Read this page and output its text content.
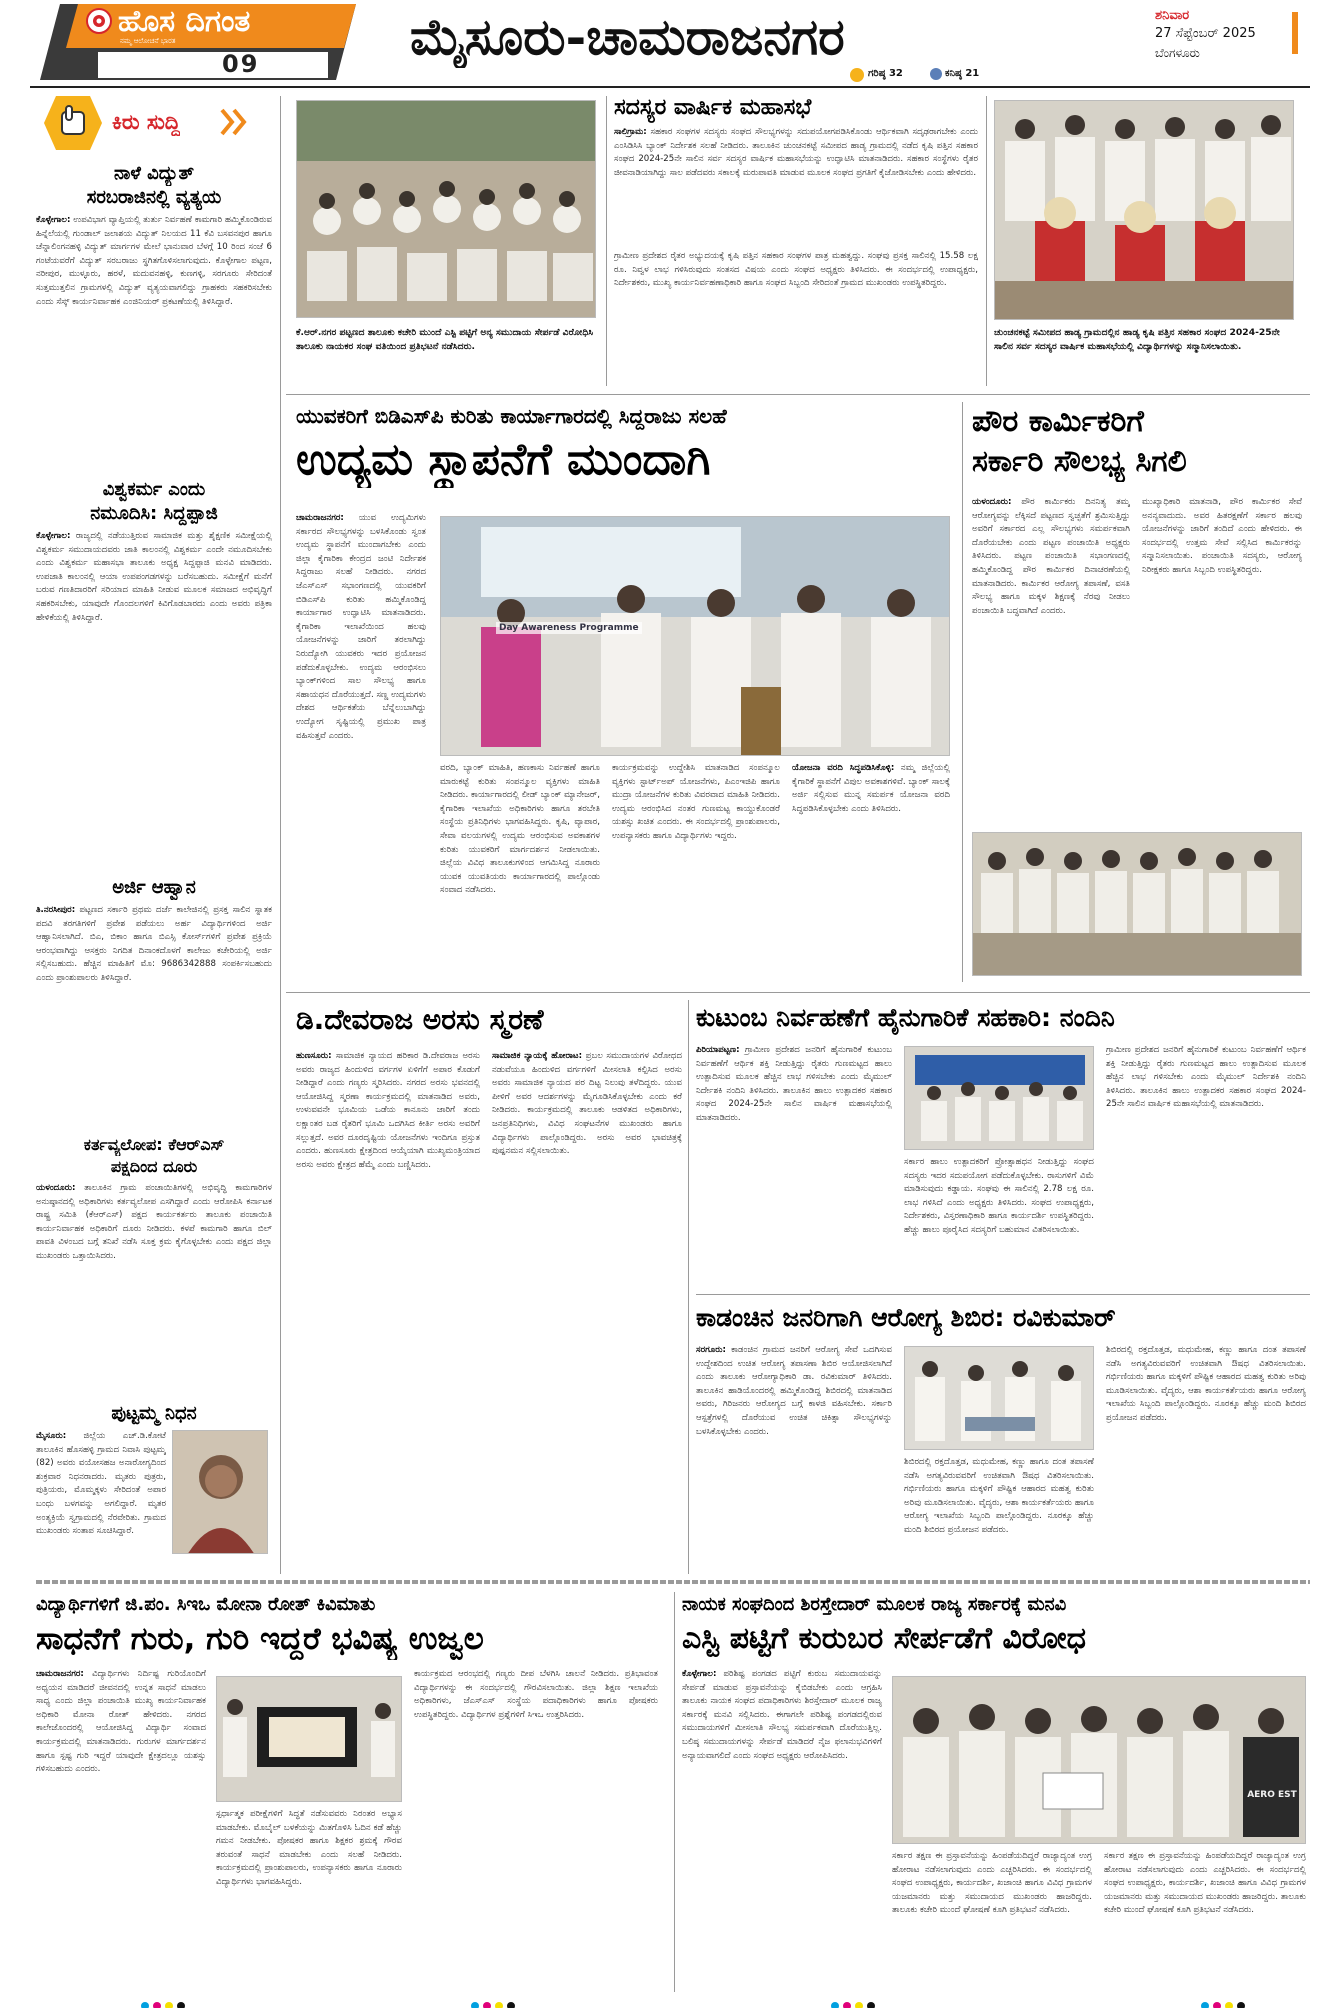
ಹೊಸ ದಿಗಂತ
ನಮ್ಮ ಆಲೋಚನೆ ಭಾರತ
09	ಮೈಸೂರು-ಚಾಮರಾಜನಗರ	ಶನಿವಾರ
27 ಸೆಪ್ಟೆಂಬರ್ 2025
ಬೆಂಗಳೂರು
ಗರಿಷ್ಠ 32	ಕನಿಷ್ಠ 21
ಕಿರು ಸುದ್ದಿ
ನಾಳೆ ವಿದ್ಯುತ್
ಸರಬರಾಜಿನಲ್ಲಿ ವ್ಯತ್ಯಯ
ಕೊಳ್ಳೇಗಾಲ: ಉಪವಿಭಾಗ ವ್ಯಾಪ್ತಿಯಲ್ಲಿ ತುರ್ತು ನಿರ್ವಹಣೆ ಕಾಮಗಾರಿ ಹಮ್ಮಿಕೊಂಡಿರುವ ಹಿನ್ನೆಲೆಯಲ್ಲಿ ಗುಂಡಾಲ್ ಜಲಾಶಯ ವಿದ್ಯುತ್ ನಿಲಯದ 11 ಕೆವಿ ಬಸವನಪುರ ಹಾಗೂ ಚೆನ್ನಾಲಿಂಗನಹಳ್ಳಿ ವಿದ್ಯುತ್ ಮಾರ್ಗಗಳ ಮೇಲೆ ಭಾನುವಾರ ಬೆಳಗ್ಗೆ 10 ರಿಂದ ಸಂಜೆ 6 ಗಂಟೆಯವರೆಗೆ ವಿದ್ಯುತ್ ಸರಬರಾಜು ಸ್ಥಗಿತಗೊಳಿಸಲಾಗುವುದು. ಕೊಳ್ಳೇಗಾಲ ಪಟ್ಟಣ, ನರೀಪುರ, ಮುಳ್ಳೂರು, ಹರಳೆ, ಮದುವನಹಳ್ಳಿ, ಕುಣಗಳ್ಳಿ, ಸರಗೂರು ಸೇರಿದಂತೆ ಸುತ್ತಮುತ್ತಲಿನ ಗ್ರಾಮಗಳಲ್ಲಿ ವಿದ್ಯುತ್ ವ್ಯತ್ಯಯವಾಗಲಿದ್ದು ಗ್ರಾಹಕರು ಸಹಕರಿಸಬೇಕು ಎಂದು ಸೆಸ್ಕ್ ಕಾರ್ಯನಿರ್ವಾಹಕ ಎಂಜಿನಿಯರ್ ಪ್ರಕಟಣೆಯಲ್ಲಿ ತಿಳಿಸಿದ್ದಾರೆ.
ವಿಶ್ವಕರ್ಮ ಎಂದು
ನಮೂದಿಸಿ: ಸಿದ್ದಪ್ಪಾಜಿ
ಕೊಳ್ಳೇಗಾಲ: ರಾಜ್ಯದಲ್ಲಿ ನಡೆಯುತ್ತಿರುವ ಸಾಮಾಜಿಕ ಮತ್ತು ಶೈಕ್ಷಣಿಕ ಸಮೀಕ್ಷೆಯಲ್ಲಿ ವಿಶ್ವಕರ್ಮ ಸಮುದಾಯದವರು ಜಾತಿ ಕಾಲಂನಲ್ಲಿ ವಿಶ್ವಕರ್ಮ ಎಂದೇ ನಮೂದಿಸಬೇಕು ಎಂದು ವಿಶ್ವಕರ್ಮ ಮಹಾಸಭಾ ತಾಲೂಕು ಅಧ್ಯಕ್ಷ ಸಿದ್ದಪ್ಪಾಜಿ ಮನವಿ ಮಾಡಿದರು. ಉಪಜಾತಿ ಕಾಲಂನಲ್ಲಿ ಆಯಾ ಉಪಪಂಗಡಗಳನ್ನು ಬರೆಸಬಹುದು. ಸಮೀಕ್ಷೆಗೆ ಮನೆಗೆ ಬರುವ ಗಣತಿದಾರರಿಗೆ ಸರಿಯಾದ ಮಾಹಿತಿ ನೀಡುವ ಮೂಲಕ ಸಮಾಜದ ಅಭಿವೃದ್ಧಿಗೆ ಸಹಕರಿಸಬೇಕು, ಯಾವುದೇ ಗೊಂದಲಗಳಿಗೆ ಕಿವಿಗೊಡಬಾರದು ಎಂದು ಅವರು ಪತ್ರಿಕಾ ಹೇಳಿಕೆಯಲ್ಲಿ ತಿಳಿಸಿದ್ದಾರೆ.
ಅರ್ಜಿ ಆಹ್ವಾನ
ತಿ.ನರಸೀಪುರ: ಪಟ್ಟಣದ ಸರ್ಕಾರಿ ಪ್ರಥಮ ದರ್ಜೆ ಕಾಲೇಜಿನಲ್ಲಿ ಪ್ರಸಕ್ತ ಸಾಲಿನ ಸ್ನಾತಕ ಪದವಿ ತರಗತಿಗಳಿಗೆ ಪ್ರವೇಶ ಪಡೆಯಲು ಅರ್ಹ ವಿದ್ಯಾರ್ಥಿಗಳಿಂದ ಅರ್ಜಿ ಆಹ್ವಾನಿಸಲಾಗಿದೆ. ಬಿಎ, ಬಿಕಾಂ ಹಾಗೂ ಬಿಎಸ್ಸಿ ಕೋರ್ಸ್‌ಗಳಿಗೆ ಪ್ರವೇಶ ಪ್ರಕ್ರಿಯೆ ಆರಂಭವಾಗಿದ್ದು ಆಸಕ್ತರು ನಿಗದಿತ ದಿನಾಂಕದೊಳಗೆ ಕಾಲೇಜು ಕಚೇರಿಯಲ್ಲಿ ಅರ್ಜಿ ಸಲ್ಲಿಸಬಹುದು. ಹೆಚ್ಚಿನ ಮಾಹಿತಿಗೆ ಮೊ: 9686342888 ಸಂಪರ್ಕಿಸಬಹುದು ಎಂದು ಪ್ರಾಂಶುಪಾಲರು ತಿಳಿಸಿದ್ದಾರೆ.
ಕರ್ತವ್ಯಲೋಪ: ಕೆಆರ್‌ಎಸ್
ಪಕ್ಷದಿಂದ ದೂರು
ಯಳಂದೂರು: ತಾಲೂಕಿನ ಗ್ರಾಮ ಪಂಚಾಯಿತಿಗಳಲ್ಲಿ ಅಭಿವೃದ್ಧಿ ಕಾಮಗಾರಿಗಳ ಅನುಷ್ಠಾನದಲ್ಲಿ ಅಧಿಕಾರಿಗಳು ಕರ್ತವ್ಯಲೋಪ ಎಸಗಿದ್ದಾರೆ ಎಂದು ಆರೋಪಿಸಿ ಕರ್ನಾಟಕ ರಾಷ್ಟ್ರ ಸಮಿತಿ (ಕೆಆರ್‌ಎಸ್) ಪಕ್ಷದ ಕಾರ್ಯಕರ್ತರು ತಾಲೂಕು ಪಂಚಾಯಿತಿ ಕಾರ್ಯನಿರ್ವಾಹಕ ಅಧಿಕಾರಿಗೆ ದೂರು ನೀಡಿದರು. ಕಳಪೆ ಕಾಮಗಾರಿ ಹಾಗೂ ಬಿಲ್ ಪಾವತಿ ವಿಳಂಬದ ಬಗ್ಗೆ ತನಿಖೆ ನಡೆಸಿ ಸೂಕ್ತ ಕ್ರಮ ಕೈಗೊಳ್ಳಬೇಕು ಎಂದು ಪಕ್ಷದ ಜಿಲ್ಲಾ ಮುಖಂಡರು ಒತ್ತಾಯಿಸಿದರು.
ಪುಟ್ಟಮ್ಮ ನಿಧನ
ಮೈಸೂರು: ಜಿಲ್ಲೆಯ ಎಚ್.ಡಿ.ಕೋಟೆ ತಾಲೂಕಿನ ಹೊಸಹಳ್ಳಿ ಗ್ರಾಮದ ನಿವಾಸಿ ಪುಟ್ಟಮ್ಮ (82) ಅವರು ವಯೋಸಹಜ ಅನಾರೋಗ್ಯದಿಂದ ಶುಕ್ರವಾರ ನಿಧನರಾದರು. ಮೃತರು ಪುತ್ರರು, ಪುತ್ರಿಯರು, ಮೊಮ್ಮಕ್ಕಳು ಸೇರಿದಂತೆ ಅಪಾರ ಬಂಧು ಬಳಗವನ್ನು ಅಗಲಿದ್ದಾರೆ. ಮೃತರ ಅಂತ್ಯಕ್ರಿಯೆ ಸ್ವಗ್ರಾಮದಲ್ಲಿ ನೆರವೇರಿತು. ಗ್ರಾಮದ ಮುಖಂಡರು ಸಂತಾಪ ಸೂಚಿಸಿದ್ದಾರೆ.
ಕೆ.ಆರ್.ನಗರ ಪಟ್ಟಣದ ತಾಲೂಕು ಕಚೇರಿ ಮುಂದೆ ಎಸ್ಟಿ ಪಟ್ಟಿಗೆ ಅನ್ಯ ಸಮುದಾಯ ಸೇರ್ಪಡೆ ವಿರೋಧಿಸಿ ತಾಲೂಕು ನಾಯಕರ ಸಂಘ ವತಿಯಿಂದ ಪ್ರತಿಭಟನೆ ನಡೆಸಿದರು.
ಸದಸ್ಯರ ವಾರ್ಷಿಕ ಮಹಾಸಭೆ
ಸಾಲಿಗ್ರಾಮ: ಸಹಕಾರ ಸಂಘಗಳ ಸದಸ್ಯರು ಸಂಘದ ಸೌಲಭ್ಯಗಳನ್ನು ಸದುಪಯೋಗಪಡಿಸಿಕೊಂಡು ಆರ್ಥಿಕವಾಗಿ ಸದೃಢರಾಗಬೇಕು ಎಂದು ಎಂಸಿಡಿಸಿಸಿ ಬ್ಯಾಂಕ್ ನಿರ್ದೇಶಕ ಸಲಹೆ ನೀಡಿದರು. ತಾಲೂಕಿನ ಚುಂಚನಕಟ್ಟೆ ಸಮೀಪದ ಹಾಡ್ಯ ಗ್ರಾಮದಲ್ಲಿ ನಡೆದ ಕೃಷಿ ಪತ್ತಿನ ಸಹಕಾರ ಸಂಘದ 2024-25ನೇ ಸಾಲಿನ ಸರ್ವ ಸದಸ್ಯರ ವಾರ್ಷಿಕ ಮಹಾಸಭೆಯನ್ನು ಉದ್ಘಾಟಿಸಿ ಮಾತನಾಡಿದರು. ಸಹಕಾರ ಸಂಸ್ಥೆಗಳು ರೈತರ ಜೀವನಾಡಿಯಾಗಿದ್ದು ಸಾಲ ಪಡೆದವರು ಸಕಾಲಕ್ಕೆ ಮರುಪಾವತಿ ಮಾಡುವ ಮೂಲಕ ಸಂಘದ ಪ್ರಗತಿಗೆ ಕೈಜೋಡಿಸಬೇಕು ಎಂದು ಹೇಳಿದರು.
ಗ್ರಾಮೀಣ ಪ್ರದೇಶದ ರೈತರ ಅಭ್ಯುದಯಕ್ಕೆ ಕೃಷಿ ಪತ್ತಿನ ಸಹಕಾರ ಸಂಘಗಳ ಪಾತ್ರ ಮಹತ್ವದ್ದು. ಸಂಘವು ಪ್ರಸಕ್ತ ಸಾಲಿನಲ್ಲಿ 15.58 ಲಕ್ಷ ರೂ. ನಿವ್ವಳ ಲಾಭ ಗಳಿಸಿರುವುದು ಸಂತಸದ ವಿಷಯ ಎಂದು ಸಂಘದ ಅಧ್ಯಕ್ಷರು ತಿಳಿಸಿದರು. ಈ ಸಂದರ್ಭದಲ್ಲಿ ಉಪಾಧ್ಯಕ್ಷರು, ನಿರ್ದೇಶಕರು, ಮುಖ್ಯ ಕಾರ್ಯನಿರ್ವಹಣಾಧಿಕಾರಿ ಹಾಗೂ ಸಂಘದ ಸಿಬ್ಬಂದಿ ಸೇರಿದಂತೆ ಗ್ರಾಮದ ಮುಖಂಡರು ಉಪಸ್ಥಿತರಿದ್ದರು.
ಚುಂಚನಕಟ್ಟೆ ಸಮೀಪದ ಹಾಡ್ಯ ಗ್ರಾಮದಲ್ಲಿನ ಹಾಡ್ಯ ಕೃಷಿ ಪತ್ತಿನ ಸಹಕಾರ ಸಂಘದ 2024-25ನೇ ಸಾಲಿನ ಸರ್ವ ಸದಸ್ಯರ ವಾರ್ಷಿಕ ಮಹಾಸಭೆಯಲ್ಲಿ ವಿದ್ಯಾರ್ಥಿಗಳನ್ನು ಸನ್ಮಾನಿಸಲಾಯಿತು.
ಯುವಕರಿಗೆ ಬಿಡಿಎಸ್‌ಪಿ ಕುರಿತು ಕಾರ್ಯಾಗಾರದಲ್ಲಿ ಸಿದ್ದರಾಜು ಸಲಹೆ
ಉದ್ಯಮ ಸ್ಥಾಪನೆಗೆ ಮುಂದಾಗಿ
ಚಾಮರಾಜನಗರ: ಯುವ ಉದ್ಯಮಿಗಳು ಸರ್ಕಾರದ ಸೌಲಭ್ಯಗಳನ್ನು ಬಳಸಿಕೊಂಡು ಸ್ವಂತ ಉದ್ಯಮ ಸ್ಥಾಪನೆಗೆ ಮುಂದಾಗಬೇಕು ಎಂದು ಜಿಲ್ಲಾ ಕೈಗಾರಿಕಾ ಕೇಂದ್ರದ ಜಂಟಿ ನಿರ್ದೇಶಕ ಸಿದ್ದರಾಜು ಸಲಹೆ ನೀಡಿದರು. ನಗರದ ಜೆಎಸ್ಎಸ್ ಸಭಾಂಗಣದಲ್ಲಿ ಯುವಕರಿಗೆ ಬಿಡಿಎಸ್‌ಪಿ ಕುರಿತು ಹಮ್ಮಿಕೊಂಡಿದ್ದ ಕಾರ್ಯಾಗಾರ ಉದ್ಘಾಟಿಸಿ ಮಾತನಾಡಿದರು. ಕೈಗಾರಿಕಾ ಇಲಾಖೆಯಿಂದ ಹಲವು ಯೋಜನೆಗಳನ್ನು ಜಾರಿಗೆ ತರಲಾಗಿದ್ದು ನಿರುದ್ಯೋಗಿ ಯುವಕರು ಇದರ ಪ್ರಯೋಜನ ಪಡೆದುಕೊಳ್ಳಬೇಕು. ಉದ್ಯಮ ಆರಂಭಿಸಲು ಬ್ಯಾಂಕ್‌ಗಳಿಂದ ಸಾಲ ಸೌಲಭ್ಯ ಹಾಗೂ ಸಹಾಯಧನ ದೊರೆಯುತ್ತದೆ. ಸಣ್ಣ ಉದ್ಯಮಗಳು ದೇಶದ ಆರ್ಥಿಕತೆಯ ಬೆನ್ನೆಲುಬಾಗಿದ್ದು ಉದ್ಯೋಗ ಸೃಷ್ಟಿಯಲ್ಲಿ ಪ್ರಮುಖ ಪಾತ್ರ ವಹಿಸುತ್ತವೆ ಎಂದರು.
Day Awareness Programme
ವರದಿ, ಬ್ಯಾಂಕ್ ಮಾಹಿತಿ, ಹಣಕಾಸು ನಿರ್ವಹಣೆ ಹಾಗೂ ಮಾರುಕಟ್ಟೆ ಕುರಿತು ಸಂಪನ್ಮೂಲ ವ್ಯಕ್ತಿಗಳು ಮಾಹಿತಿ ನೀಡಿದರು. ಕಾರ್ಯಾಗಾರದಲ್ಲಿ ಲೀಡ್ ಬ್ಯಾಂಕ್ ಮ್ಯಾನೇಜರ್, ಕೈಗಾರಿಕಾ ಇಲಾಖೆಯ ಅಧಿಕಾರಿಗಳು ಹಾಗೂ ತರಬೇತಿ ಸಂಸ್ಥೆಯ ಪ್ರತಿನಿಧಿಗಳು ಭಾಗವಹಿಸಿದ್ದರು. ಕೃಷಿ, ವ್ಯಾಪಾರ, ಸೇವಾ ವಲಯಗಳಲ್ಲಿ ಉದ್ಯಮ ಆರಂಭಿಸುವ ಅವಕಾಶಗಳ ಕುರಿತು ಯುವಕರಿಗೆ ಮಾರ್ಗದರ್ಶನ ನೀಡಲಾಯಿತು. ಜಿಲ್ಲೆಯ ವಿವಿಧ ತಾಲೂಕುಗಳಿಂದ ಆಗಮಿಸಿದ್ದ ನೂರಾರು ಯುವಕ ಯುವತಿಯರು ಕಾರ್ಯಾಗಾರದಲ್ಲಿ ಪಾಲ್ಗೊಂಡು ಸಂವಾದ ನಡೆಸಿದರು.
ಕಾರ್ಯಕ್ರಮವನ್ನು ಉದ್ದೇಶಿಸಿ ಮಾತನಾಡಿದ ಸಂಪನ್ಮೂಲ ವ್ಯಕ್ತಿಗಳು ಸ್ಟಾರ್ಟ್‌ಅಪ್ ಯೋಜನೆಗಳು, ಪಿಎಂಇಜಿಪಿ ಹಾಗೂ ಮುದ್ರಾ ಯೋಜನೆಗಳ ಕುರಿತು ವಿವರವಾದ ಮಾಹಿತಿ ನೀಡಿದರು. ಉದ್ಯಮ ಆರಂಭಿಸಿದ ನಂತರ ಗುಣಮಟ್ಟ ಕಾಯ್ದುಕೊಂಡರೆ ಯಶಸ್ಸು ಖಚಿತ ಎಂದರು. ಈ ಸಂದರ್ಭದಲ್ಲಿ ಪ್ರಾಂಶುಪಾಲರು, ಉಪನ್ಯಾಸಕರು ಹಾಗೂ ವಿದ್ಯಾರ್ಥಿಗಳು ಇದ್ದರು.
ಯೋಜನಾ ವರದಿ ಸಿದ್ಧಪಡಿಸಿಕೊಳ್ಳಿ: ನಮ್ಮ ಜಿಲ್ಲೆಯಲ್ಲಿ ಕೈಗಾರಿಕೆ ಸ್ಥಾಪನೆಗೆ ವಿಪುಲ ಅವಕಾಶಗಳಿವೆ. ಬ್ಯಾಂಕ್ ಸಾಲಕ್ಕೆ ಅರ್ಜಿ ಸಲ್ಲಿಸುವ ಮುನ್ನ ಸಮರ್ಪಕ ಯೋಜನಾ ವರದಿ ಸಿದ್ಧಪಡಿಸಿಕೊಳ್ಳಬೇಕು ಎಂದು ತಿಳಿಸಿದರು.
ಪೌರ ಕಾರ್ಮಿಕರಿಗೆ
ಸರ್ಕಾರಿ ಸೌಲಭ್ಯ ಸಿಗಲಿ
ಯಳಂದೂರು: ಪೌರ ಕಾರ್ಮಿಕರು ದಿನನಿತ್ಯ ತಮ್ಮ ಆರೋಗ್ಯವನ್ನು ಲೆಕ್ಕಿಸದೆ ಪಟ್ಟಣದ ಸ್ವಚ್ಛತೆಗೆ ಶ್ರಮಿಸುತ್ತಿದ್ದು ಅವರಿಗೆ ಸರ್ಕಾರದ ಎಲ್ಲ ಸೌಲಭ್ಯಗಳು ಸಮರ್ಪಕವಾಗಿ ದೊರೆಯಬೇಕು ಎಂದು ಪಟ್ಟಣ ಪಂಚಾಯಿತಿ ಅಧ್ಯಕ್ಷರು ತಿಳಿಸಿದರು. ಪಟ್ಟಣ ಪಂಚಾಯಿತಿ ಸಭಾಂಗಣದಲ್ಲಿ ಹಮ್ಮಿಕೊಂಡಿದ್ದ ಪೌರ ಕಾರ್ಮಿಕರ ದಿನಾಚರಣೆಯಲ್ಲಿ ಮಾತನಾಡಿದರು. ಕಾರ್ಮಿಕರ ಆರೋಗ್ಯ ತಪಾಸಣೆ, ವಸತಿ ಸೌಲಭ್ಯ ಹಾಗೂ ಮಕ್ಕಳ ಶಿಕ್ಷಣಕ್ಕೆ ನೆರವು ನೀಡಲು ಪಂಚಾಯಿತಿ ಬದ್ಧವಾಗಿದೆ ಎಂದರು.
ಮುಖ್ಯಾಧಿಕಾರಿ ಮಾತನಾಡಿ, ಪೌರ ಕಾರ್ಮಿಕರ ಸೇವೆ ಅನನ್ಯವಾದುದು. ಅವರ ಹಿತರಕ್ಷಣೆಗೆ ಸರ್ಕಾರ ಹಲವು ಯೋಜನೆಗಳನ್ನು ಜಾರಿಗೆ ತಂದಿದೆ ಎಂದು ಹೇಳಿದರು. ಈ ಸಂದರ್ಭದಲ್ಲಿ ಉತ್ತಮ ಸೇವೆ ಸಲ್ಲಿಸಿದ ಕಾರ್ಮಿಕರನ್ನು ಸನ್ಮಾನಿಸಲಾಯಿತು. ಪಂಚಾಯಿತಿ ಸದಸ್ಯರು, ಆರೋಗ್ಯ ನಿರೀಕ್ಷಕರು ಹಾಗೂ ಸಿಬ್ಬಂದಿ ಉಪಸ್ಥಿತರಿದ್ದರು.
ಡಿ.ದೇವರಾಜ ಅರಸು ಸ್ಮರಣೆ
ಹುಣಸೂರು: ಸಾಮಾಜಿಕ ನ್ಯಾಯದ ಹರಿಕಾರ ಡಿ.ದೇವರಾಜ ಅರಸು ಅವರು ರಾಜ್ಯದ ಹಿಂದುಳಿದ ವರ್ಗಗಳ ಏಳಿಗೆಗೆ ಅಪಾರ ಕೊಡುಗೆ ನೀಡಿದ್ದಾರೆ ಎಂದು ಗಣ್ಯರು ಸ್ಮರಿಸಿದರು. ನಗರದ ಅರಸು ಭವನದಲ್ಲಿ ಆಯೋಜಿಸಿದ್ದ ಸ್ಮರಣಾ ಕಾರ್ಯಕ್ರಮದಲ್ಲಿ ಮಾತನಾಡಿದ ಅವರು, ಉಳುವವನೇ ಭೂಮಿಯ ಒಡೆಯ ಕಾನೂನು ಜಾರಿಗೆ ತಂದು ಲಕ್ಷಾಂತರ ಬಡ ರೈತರಿಗೆ ಭೂಮಿ ಒದಗಿಸಿದ ಕೀರ್ತಿ ಅರಸು ಅವರಿಗೆ ಸಲ್ಲುತ್ತದೆ. ಅವರ ದೂರದೃಷ್ಟಿಯ ಯೋಜನೆಗಳು ಇಂದಿಗೂ ಪ್ರಸ್ತುತ ಎಂದರು. ಹುಣಸೂರು ಕ್ಷೇತ್ರದಿಂದ ಆಯ್ಕೆಯಾಗಿ ಮುಖ್ಯಮಂತ್ರಿಯಾದ ಅರಸು ಅವರು ಕ್ಷೇತ್ರದ ಹೆಮ್ಮೆ ಎಂದು ಬಣ್ಣಿಸಿದರು.
ಸಾಮಾಜಿಕ ನ್ಯಾಯಕ್ಕೆ ಹೋರಾಟ: ಪ್ರಬಲ ಸಮುದಾಯಗಳ ವಿರೋಧದ ನಡುವೆಯೂ ಹಿಂದುಳಿದ ವರ್ಗಗಳಿಗೆ ಮೀಸಲಾತಿ ಕಲ್ಪಿಸಿದ ಅರಸು ಅವರು ಸಾಮಾಜಿಕ ನ್ಯಾಯದ ಪರ ದಿಟ್ಟ ನಿಲುವು ತಳೆದಿದ್ದರು. ಯುವ ಪೀಳಿಗೆ ಅವರ ಆದರ್ಶಗಳನ್ನು ಮೈಗೂಡಿಸಿಕೊಳ್ಳಬೇಕು ಎಂದು ಕರೆ ನೀಡಿದರು. ಕಾರ್ಯಕ್ರಮದಲ್ಲಿ ತಾಲೂಕು ಆಡಳಿತದ ಅಧಿಕಾರಿಗಳು, ಜನಪ್ರತಿನಿಧಿಗಳು, ವಿವಿಧ ಸಂಘಟನೆಗಳ ಮುಖಂಡರು ಹಾಗೂ ವಿದ್ಯಾರ್ಥಿಗಳು ಪಾಲ್ಗೊಂಡಿದ್ದರು. ಅರಸು ಅವರ ಭಾವಚಿತ್ರಕ್ಕೆ ಪುಷ್ಪನಮನ ಸಲ್ಲಿಸಲಾಯಿತು.
ಕುಟುಂಬ ನಿರ್ವಹಣೆಗೆ ಹೈನುಗಾರಿಕೆ ಸಹಕಾರಿ: ನಂದಿನಿ
ಪಿರಿಯಾಪಟ್ಟಣ: ಗ್ರಾಮೀಣ ಪ್ರದೇಶದ ಜನರಿಗೆ ಹೈನುಗಾರಿಕೆ ಕುಟುಂಬ ನಿರ್ವಹಣೆಗೆ ಆರ್ಥಿಕ ಶಕ್ತಿ ನೀಡುತ್ತಿದ್ದು ರೈತರು ಗುಣಮಟ್ಟದ ಹಾಲು ಉತ್ಪಾದಿಸುವ ಮೂಲಕ ಹೆಚ್ಚಿನ ಲಾಭ ಗಳಿಸಬೇಕು ಎಂದು ಮೈಮುಲ್ ನಿರ್ದೇಶಕಿ ನಂದಿನಿ ತಿಳಿಸಿದರು. ತಾಲೂಕಿನ ಹಾಲು ಉತ್ಪಾದಕರ ಸಹಕಾರ ಸಂಘದ 2024-25ನೇ ಸಾಲಿನ ವಾರ್ಷಿಕ ಮಹಾಸಭೆಯಲ್ಲಿ ಮಾತನಾಡಿದರು.
ಸರ್ಕಾರ ಹಾಲು ಉತ್ಪಾದಕರಿಗೆ ಪ್ರೋತ್ಸಾಹಧನ ನೀಡುತ್ತಿದ್ದು ಸಂಘದ ಸದಸ್ಯರು ಇದರ ಸದುಪಯೋಗ ಪಡೆದುಕೊಳ್ಳಬೇಕು. ರಾಸುಗಳಿಗೆ ವಿಮೆ ಮಾಡಿಸುವುದು ಕಡ್ಡಾಯ. ಸಂಘವು ಈ ಸಾಲಿನಲ್ಲಿ 2.78 ಲಕ್ಷ ರೂ. ಲಾಭ ಗಳಿಸಿದೆ ಎಂದು ಅಧ್ಯಕ್ಷರು ತಿಳಿಸಿದರು. ಸಂಘದ ಉಪಾಧ್ಯಕ್ಷರು, ನಿರ್ದೇಶಕರು, ವಿಸ್ತರಣಾಧಿಕಾರಿ ಹಾಗೂ ಕಾರ್ಯದರ್ಶಿ ಉಪಸ್ಥಿತರಿದ್ದರು. ಹೆಚ್ಚು ಹಾಲು ಪೂರೈಸಿದ ಸದಸ್ಯರಿಗೆ ಬಹುಮಾನ ವಿತರಿಸಲಾಯಿತು.
ಗ್ರಾಮೀಣ ಪ್ರದೇಶದ ಜನರಿಗೆ ಹೈನುಗಾರಿಕೆ ಕುಟುಂಬ ನಿರ್ವಹಣೆಗೆ ಆರ್ಥಿಕ ಶಕ್ತಿ ನೀಡುತ್ತಿದ್ದು ರೈತರು ಗುಣಮಟ್ಟದ ಹಾಲು ಉತ್ಪಾದಿಸುವ ಮೂಲಕ ಹೆಚ್ಚಿನ ಲಾಭ ಗಳಿಸಬೇಕು ಎಂದು ಮೈಮುಲ್ ನಿರ್ದೇಶಕಿ ನಂದಿನಿ ತಿಳಿಸಿದರು. ತಾಲೂಕಿನ ಹಾಲು ಉತ್ಪಾದಕರ ಸಹಕಾರ ಸಂಘದ 2024-25ನೇ ಸಾಲಿನ ವಾರ್ಷಿಕ ಮಹಾಸಭೆಯಲ್ಲಿ ಮಾತನಾಡಿದರು.
ಕಾಡಂಚಿನ ಜನರಿಗಾಗಿ ಆರೋಗ್ಯ ಶಿಬಿರ: ರವಿಕುಮಾರ್
ಸರಗೂರು: ಕಾಡಂಚಿನ ಗ್ರಾಮದ ಜನರಿಗೆ ಆರೋಗ್ಯ ಸೇವೆ ಒದಗಿಸುವ ಉದ್ದೇಶದಿಂದ ಉಚಿತ ಆರೋಗ್ಯ ತಪಾಸಣಾ ಶಿಬಿರ ಆಯೋಜಿಸಲಾಗಿದೆ ಎಂದು ತಾಲೂಕು ಆರೋಗ್ಯಾಧಿಕಾರಿ ಡಾ. ರವಿಕುಮಾರ್ ತಿಳಿಸಿದರು. ತಾಲೂಕಿನ ಹಾಡಿಯೊಂದರಲ್ಲಿ ಹಮ್ಮಿಕೊಂಡಿದ್ದ ಶಿಬಿರದಲ್ಲಿ ಮಾತನಾಡಿದ ಅವರು, ಗಿರಿಜನರು ಆರೋಗ್ಯದ ಬಗ್ಗೆ ಕಾಳಜಿ ವಹಿಸಬೇಕು. ಸರ್ಕಾರಿ ಆಸ್ಪತ್ರೆಗಳಲ್ಲಿ ದೊರೆಯುವ ಉಚಿತ ಚಿಕಿತ್ಸಾ ಸೌಲಭ್ಯಗಳನ್ನು ಬಳಸಿಕೊಳ್ಳಬೇಕು ಎಂದರು.
ಶಿಬಿರದಲ್ಲಿ ರಕ್ತದೊತ್ತಡ, ಮಧುಮೇಹ, ಕಣ್ಣು ಹಾಗೂ ದಂತ ತಪಾಸಣೆ ನಡೆಸಿ ಅಗತ್ಯವಿರುವವರಿಗೆ ಉಚಿತವಾಗಿ ಔಷಧ ವಿತರಿಸಲಾಯಿತು. ಗರ್ಭಿಣಿಯರು ಹಾಗೂ ಮಕ್ಕಳಿಗೆ ಪೌಷ್ಟಿಕ ಆಹಾರದ ಮಹತ್ವ ಕುರಿತು ಅರಿವು ಮೂಡಿಸಲಾಯಿತು. ವೈದ್ಯರು, ಆಶಾ ಕಾರ್ಯಕರ್ತೆಯರು ಹಾಗೂ ಆರೋಗ್ಯ ಇಲಾಖೆಯ ಸಿಬ್ಬಂದಿ ಪಾಲ್ಗೊಂಡಿದ್ದರು. ನೂರಕ್ಕೂ ಹೆಚ್ಚು ಮಂದಿ ಶಿಬಿರದ ಪ್ರಯೋಜನ ಪಡೆದರು.
ಶಿಬಿರದಲ್ಲಿ ರಕ್ತದೊತ್ತಡ, ಮಧುಮೇಹ, ಕಣ್ಣು ಹಾಗೂ ದಂತ ತಪಾಸಣೆ ನಡೆಸಿ ಅಗತ್ಯವಿರುವವರಿಗೆ ಉಚಿತವಾಗಿ ಔಷಧ ವಿತರಿಸಲಾಯಿತು. ಗರ್ಭಿಣಿಯರು ಹಾಗೂ ಮಕ್ಕಳಿಗೆ ಪೌಷ್ಟಿಕ ಆಹಾರದ ಮಹತ್ವ ಕುರಿತು ಅರಿವು ಮೂಡಿಸಲಾಯಿತು. ವೈದ್ಯರು, ಆಶಾ ಕಾರ್ಯಕರ್ತೆಯರು ಹಾಗೂ ಆರೋಗ್ಯ ಇಲಾಖೆಯ ಸಿಬ್ಬಂದಿ ಪಾಲ್ಗೊಂಡಿದ್ದರು. ನೂರಕ್ಕೂ ಹೆಚ್ಚು ಮಂದಿ ಶಿಬಿರದ ಪ್ರಯೋಜನ ಪಡೆದರು.
ವಿದ್ಯಾರ್ಥಿಗಳಿಗೆ ಜಿ.ಪಂ. ಸಿಇಒ ಮೋನಾ ರೋತ್ ಕಿವಿಮಾತು
ಸಾಧನೆಗೆ ಗುರು, ಗುರಿ ಇದ್ದರೆ ಭವಿಷ್ಯ ಉಜ್ವಲ
ಚಾಮರಾಜನಗರ: ವಿದ್ಯಾರ್ಥಿಗಳು ನಿರ್ದಿಷ್ಟ ಗುರಿಯೊಂದಿಗೆ ಅಧ್ಯಯನ ಮಾಡಿದರೆ ಜೀವನದಲ್ಲಿ ಉನ್ನತ ಸಾಧನೆ ಮಾಡಲು ಸಾಧ್ಯ ಎಂದು ಜಿಲ್ಲಾ ಪಂಚಾಯಿತಿ ಮುಖ್ಯ ಕಾರ್ಯನಿರ್ವಾಹಕ ಅಧಿಕಾರಿ ಮೋನಾ ರೋತ್ ಹೇಳಿದರು. ನಗರದ ಕಾಲೇಜೊಂದರಲ್ಲಿ ಆಯೋಜಿಸಿದ್ದ ವಿದ್ಯಾರ್ಥಿ ಸಂವಾದ ಕಾರ್ಯಕ್ರಮದಲ್ಲಿ ಮಾತನಾಡಿದರು. ಗುರುಗಳ ಮಾರ್ಗದರ್ಶನ ಹಾಗೂ ಸ್ಪಷ್ಟ ಗುರಿ ಇದ್ದರೆ ಯಾವುದೇ ಕ್ಷೇತ್ರದಲ್ಲೂ ಯಶಸ್ಸು ಗಳಿಸಬಹುದು ಎಂದರು.
ಸ್ಪರ್ಧಾತ್ಮಕ ಪರೀಕ್ಷೆಗಳಿಗೆ ಸಿದ್ಧತೆ ನಡೆಸುವವರು ನಿರಂತರ ಅಭ್ಯಾಸ ಮಾಡಬೇಕು. ಮೊಬೈಲ್ ಬಳಕೆಯನ್ನು ಮಿತಗೊಳಿಸಿ ಓದಿನ ಕಡೆ ಹೆಚ್ಚು ಗಮನ ನೀಡಬೇಕು. ಪೋಷಕರ ಹಾಗೂ ಶಿಕ್ಷಕರ ಶ್ರಮಕ್ಕೆ ಗೌರವ ತರುವಂತೆ ಸಾಧನೆ ಮಾಡಬೇಕು ಎಂದು ಸಲಹೆ ನೀಡಿದರು. ಕಾರ್ಯಕ್ರಮದಲ್ಲಿ ಪ್ರಾಂಶುಪಾಲರು, ಉಪನ್ಯಾಸಕರು ಹಾಗೂ ನೂರಾರು ವಿದ್ಯಾರ್ಥಿಗಳು ಭಾಗವಹಿಸಿದ್ದರು.
ಕಾರ್ಯಕ್ರಮದ ಆರಂಭದಲ್ಲಿ ಗಣ್ಯರು ದೀಪ ಬೆಳಗಿಸಿ ಚಾಲನೆ ನೀಡಿದರು. ಪ್ರತಿಭಾವಂತ ವಿದ್ಯಾರ್ಥಿಗಳನ್ನು ಈ ಸಂದರ್ಭದಲ್ಲಿ ಗೌರವಿಸಲಾಯಿತು. ಜಿಲ್ಲಾ ಶಿಕ್ಷಣ ಇಲಾಖೆಯ ಅಧಿಕಾರಿಗಳು, ಜೆಎಸ್ಎಸ್ ಸಂಸ್ಥೆಯ ಪದಾಧಿಕಾರಿಗಳು ಹಾಗೂ ಪೋಷಕರು ಉಪಸ್ಥಿತರಿದ್ದರು. ವಿದ್ಯಾರ್ಥಿಗಳ ಪ್ರಶ್ನೆಗಳಿಗೆ ಸಿಇಒ ಉತ್ತರಿಸಿದರು.
ನಾಯಕ ಸಂಘದಿಂದ ಶಿರಸ್ತೇದಾರ್ ಮೂಲಕ ರಾಜ್ಯ ಸರ್ಕಾರಕ್ಕೆ ಮನವಿ
ಎಸ್ಟಿ ಪಟ್ಟಿಗೆ ಕುರುಬರ ಸೇರ್ಪಡೆಗೆ ವಿರೋಧ
ಕೊಳ್ಳೇಗಾಲ: ಪರಿಶಿಷ್ಟ ಪಂಗಡದ ಪಟ್ಟಿಗೆ ಕುರುಬ ಸಮುದಾಯವನ್ನು ಸೇರ್ಪಡೆ ಮಾಡುವ ಪ್ರಸ್ತಾವನೆಯನ್ನು ಕೈಬಿಡಬೇಕು ಎಂದು ಆಗ್ರಹಿಸಿ ತಾಲೂಕು ನಾಯಕ ಸಂಘದ ಪದಾಧಿಕಾರಿಗಳು ಶಿರಸ್ತೇದಾರ್ ಮೂಲಕ ರಾಜ್ಯ ಸರ್ಕಾರಕ್ಕೆ ಮನವಿ ಸಲ್ಲಿಸಿದರು. ಈಗಾಗಲೇ ಪರಿಶಿಷ್ಟ ಪಂಗಡದಲ್ಲಿರುವ ಸಮುದಾಯಗಳಿಗೆ ಮೀಸಲಾತಿ ಸೌಲಭ್ಯ ಸಮರ್ಪಕವಾಗಿ ದೊರೆಯುತ್ತಿಲ್ಲ. ಬಲಿಷ್ಠ ಸಮುದಾಯಗಳನ್ನು ಸೇರ್ಪಡೆ ಮಾಡಿದರೆ ನೈಜ ಫಲಾನುಭವಿಗಳಿಗೆ ಅನ್ಯಾಯವಾಗಲಿದೆ ಎಂದು ಸಂಘದ ಅಧ್ಯಕ್ಷರು ಆರೋಪಿಸಿದರು.
AERO EST
ಸರ್ಕಾರ ತಕ್ಷಣ ಈ ಪ್ರಸ್ತಾವನೆಯನ್ನು ಹಿಂಪಡೆಯದಿದ್ದರೆ ರಾಜ್ಯಾದ್ಯಂತ ಉಗ್ರ ಹೋರಾಟ ನಡೆಸಲಾಗುವುದು ಎಂದು ಎಚ್ಚರಿಸಿದರು. ಈ ಸಂದರ್ಭದಲ್ಲಿ ಸಂಘದ ಉಪಾಧ್ಯಕ್ಷರು, ಕಾರ್ಯದರ್ಶಿ, ಖಜಾಂಚಿ ಹಾಗೂ ವಿವಿಧ ಗ್ರಾಮಗಳ ಯಜಮಾನರು ಮತ್ತು ಸಮುದಾಯದ ಮುಖಂಡರು ಹಾಜರಿದ್ದರು. ತಾಲೂಕು ಕಚೇರಿ ಮುಂದೆ ಘೋಷಣೆ ಕೂಗಿ ಪ್ರತಿಭಟನೆ ನಡೆಸಿದರು.
ಸರ್ಕಾರ ತಕ್ಷಣ ಈ ಪ್ರಸ್ತಾವನೆಯನ್ನು ಹಿಂಪಡೆಯದಿದ್ದರೆ ರಾಜ್ಯಾದ್ಯಂತ ಉಗ್ರ ಹೋರಾಟ ನಡೆಸಲಾಗುವುದು ಎಂದು ಎಚ್ಚರಿಸಿದರು. ಈ ಸಂದರ್ಭದಲ್ಲಿ ಸಂಘದ ಉಪಾಧ್ಯಕ್ಷರು, ಕಾರ್ಯದರ್ಶಿ, ಖಜಾಂಚಿ ಹಾಗೂ ವಿವಿಧ ಗ್ರಾಮಗಳ ಯಜಮಾನರು ಮತ್ತು ಸಮುದಾಯದ ಮುಖಂಡರು ಹಾಜರಿದ್ದರು. ತಾಲೂಕು ಕಚೇರಿ ಮುಂದೆ ಘೋಷಣೆ ಕೂಗಿ ಪ್ರತಿಭಟನೆ ನಡೆಸಿದರು.
